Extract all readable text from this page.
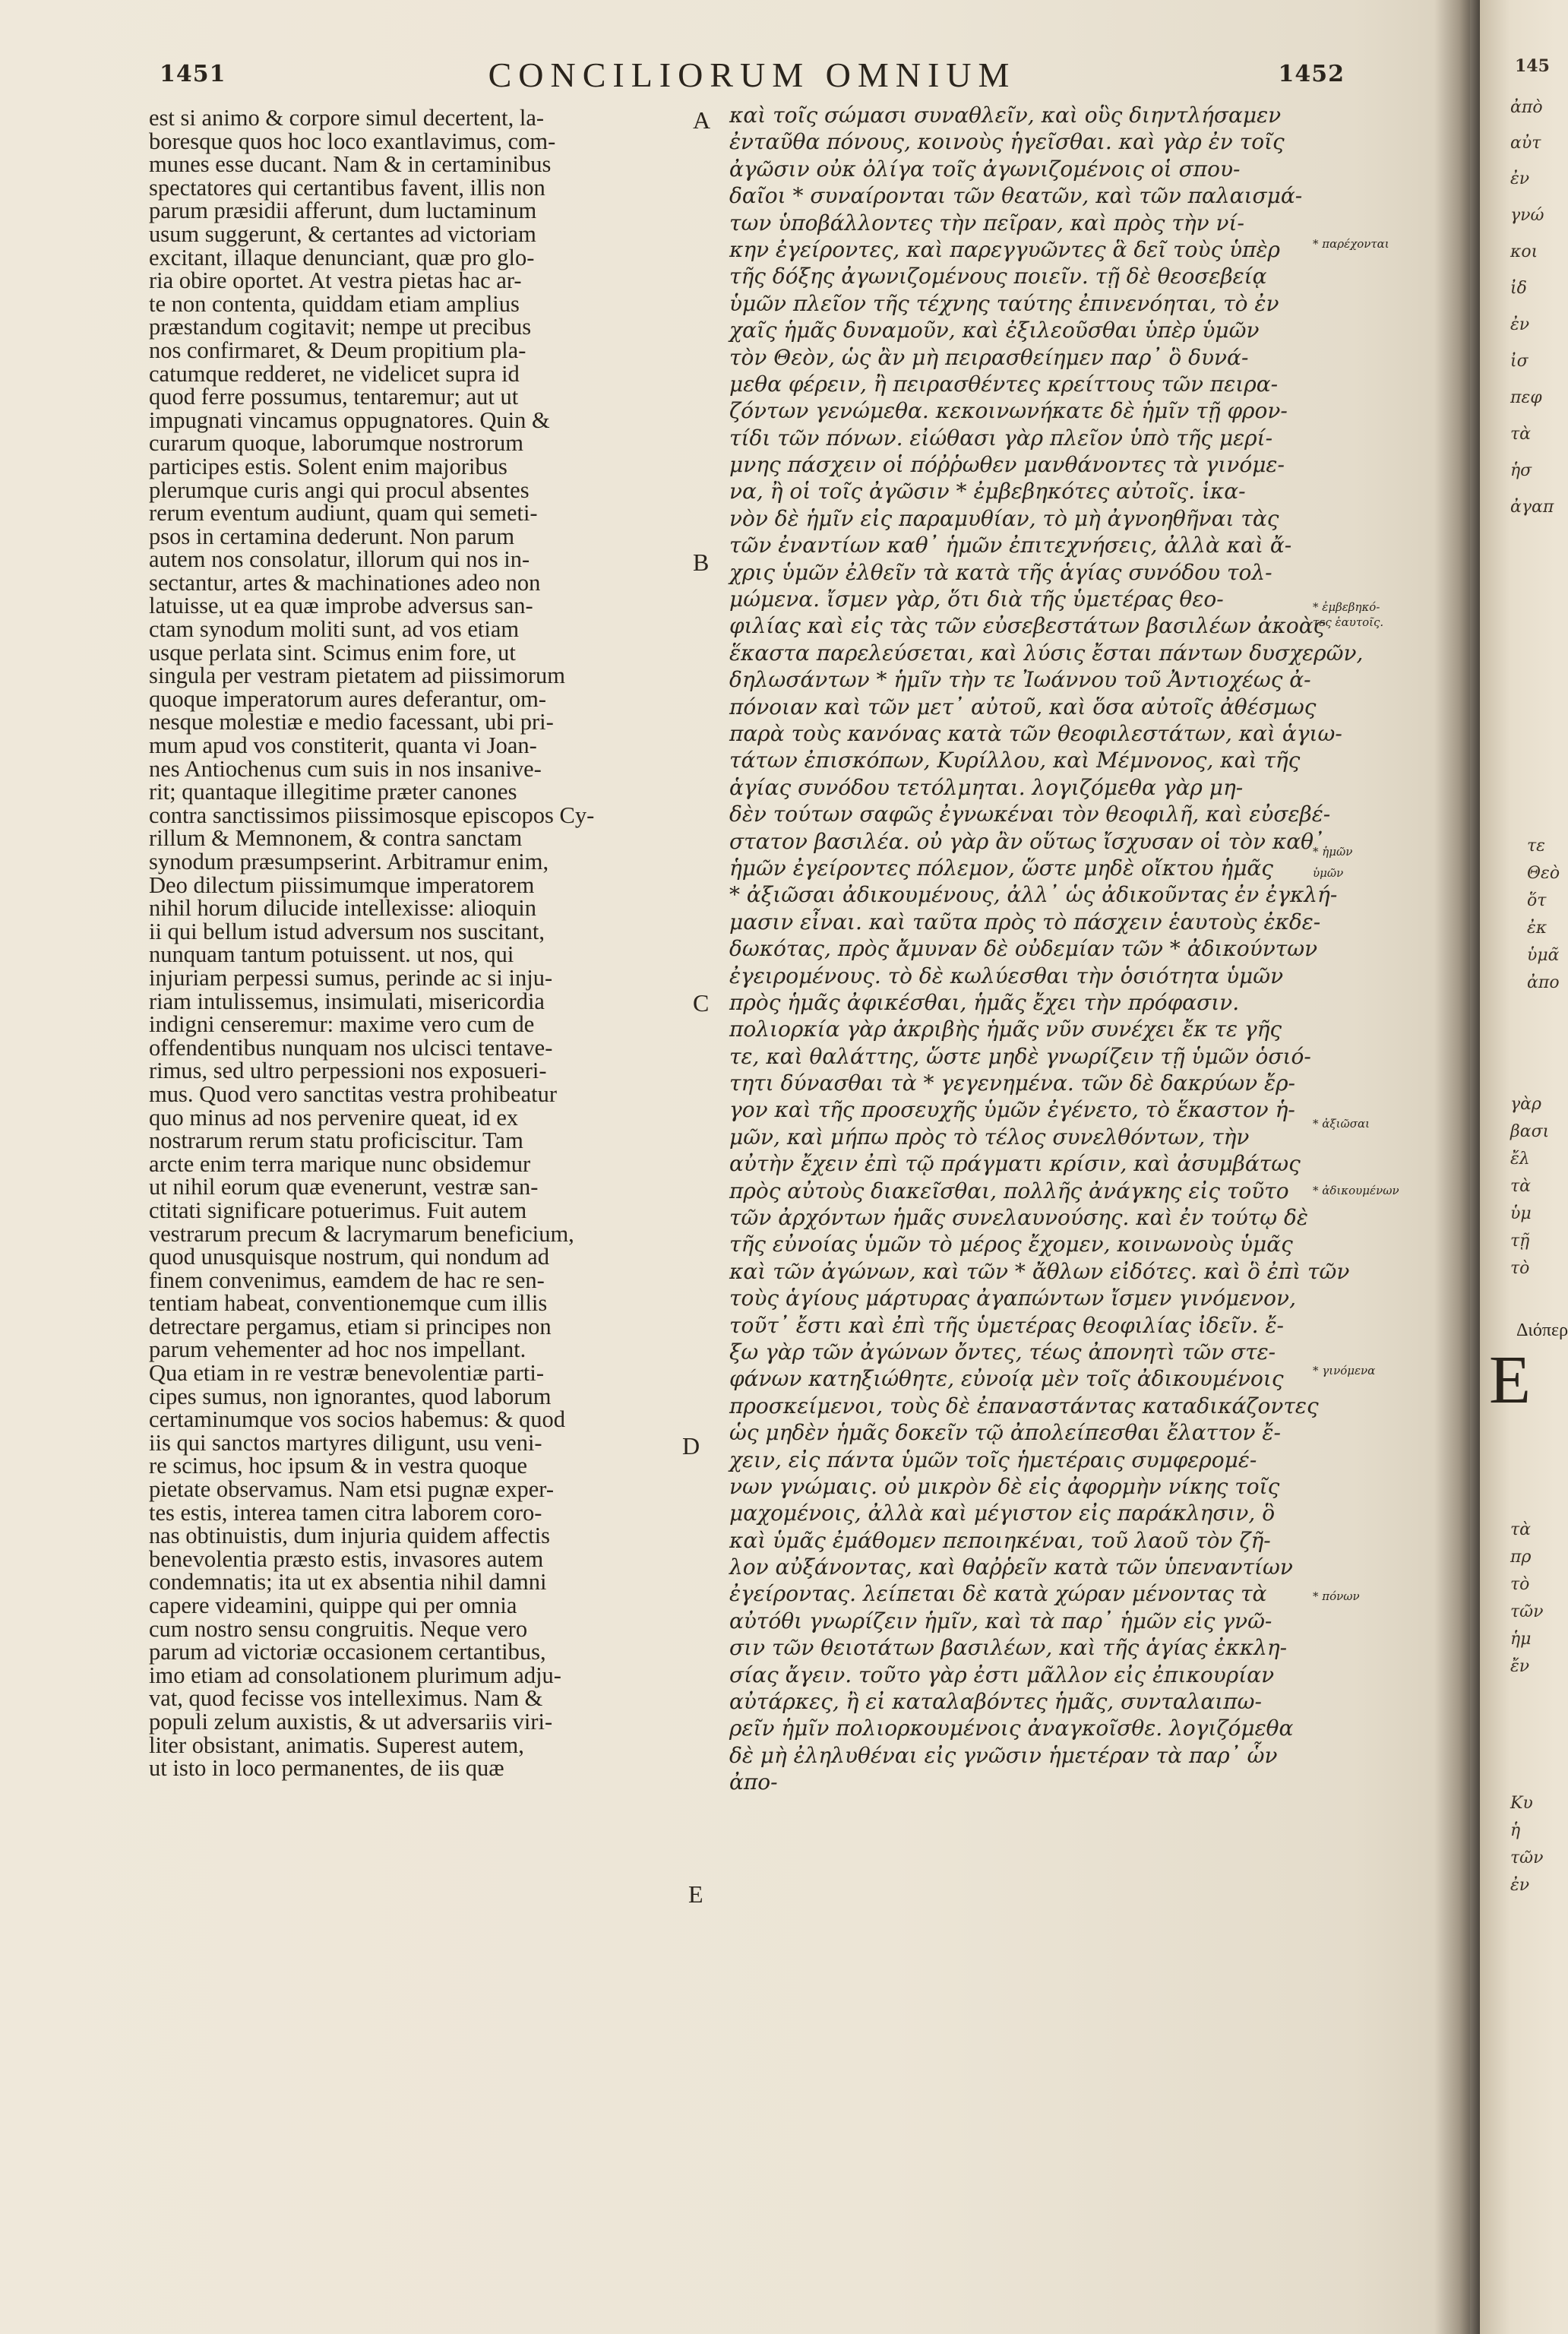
1451	CONCILIORUM OMNIUM	1452
est si animo & corpore simul decertent, la-
boresque quos hoc loco exantlavimus, com-
munes esse ducant. Nam & in certaminibus
spectatores qui certantibus favent, illis non
parum præsidii afferunt, dum luctaminum
usum suggerunt, & certantes ad victoriam
excitant, illaque denunciant, quæ pro glo-
ria obire oportet. At vestra pietas hac ar-
te non contenta, quiddam etiam amplius
præstandum cogitavit; nempe ut precibus
nos confirmaret, & Deum propitium pla-
catumque redderet, ne videlicet supra id
quod ferre possumus, tentaremur; aut ut
impugnati vincamus oppugnatores. Quin &
curarum quoque, laborumque nostrorum
participes estis. Solent enim majoribus
plerumque curis angi qui procul absentes
rerum eventum audiunt, quam qui semeti-
psos in certamina dederunt. Non parum
autem nos consolatur, illorum qui nos in-
sectantur, artes & machinationes adeo non
latuisse, ut ea quæ improbe adversus san-
ctam synodum moliti sunt, ad vos etiam
usque perlata sint. Scimus enim fore, ut
singula per vestram pietatem ad piissimorum
quoque imperatorum aures deferantur, om-
nesque molestiæ e medio facessant, ubi pri-
mum apud vos constiterit, quanta vi Joan-
nes Antiochenus cum suis in nos insanive-
rit; quantaque illegitime præter canones
contra sanctissimos piissimosque episcopos Cy-
rillum & Memnonem, & contra sanctam
synodum præsumpserint. Arbitramur enim,
Deo dilectum piissimumque imperatorem
nihil horum dilucide intellexisse: alioquin
ii qui bellum istud adversum nos suscitant,
nunquam tantum potuissent. ut nos, qui
injuriam perpessi sumus, perinde ac si inju-
riam intulissemus, insimulati, misericordia
indigni censeremur: maxime vero cum de
offendentibus nunquam nos ulcisci tentave-
rimus, sed ultro perpessioni nos exposueri-
mus. Quod vero sanctitas vestra prohibeatur
quo minus ad nos pervenire queat, id ex
nostrarum rerum statu proficiscitur. Tam
arcte enim terra marique nunc obsidemur
ut nihil eorum quæ evenerunt, vestræ san-
ctitati significare potuerimus. Fuit autem
vestrarum precum & lacrymarum beneficium,
quod unusquisque nostrum, qui nondum ad
finem convenimus, eamdem de hac re sen-
tentiam habeat, conventionemque cum illis
detrectare pergamus, etiam si principes non
parum vehementer ad hoc nos impellant.
Qua etiam in re vestræ benevolentiæ parti-
cipes sumus, non ignorantes, quod laborum
certaminumque vos socios habemus: & quod
iis qui sanctos martyres diligunt, usu veni-
re scimus, hoc ipsum & in vestra quoque
pietate observamus. Nam etsi pugnæ exper-
tes estis, interea tamen citra laborem coro-
nas obtinuistis, dum injuria quidem affectis
benevolentia præsto estis, invasores autem
condemnatis; ita ut ex absentia nihil damni
capere videamini, quippe qui per omnia
cum nostro sensu congruitis. Neque vero
parum ad victoriæ occasionem certantibus,
imo etiam ad consolationem plurimum adju-
vat, quod fecisse vos intelleximus. Nam &
populi zelum auxistis, & ut adversariis viri-
liter obsistant, animatis. Superest autem,
ut isto in loco permanentes, de iis quæ
A
B
C
D
E
καὶ τοῖς σώμασι συναθλεῖν, καὶ οὓς διηντλήσαμεν
ἐνταῦθα πόνους, κοινοὺς ἡγεῖσθαι. καὶ γὰρ ἐν τοῖς
ἀγῶσιν οὐκ ὀλίγα τοῖς ἀγωνιζομένοις οἱ σπου-
δαῖοι * συναίρονται τῶν θεατῶν, καὶ τῶν παλαισμά-
των ὑποβάλλοντες τὴν πεῖραν, καὶ πρὸς τὴν νί-
κην ἐγείροντες, καὶ παρεγγυῶντες ἃ δεῖ τοὺς ὑπὲρ
τῆς δόξης ἀγωνιζομένους ποιεῖν. τῇ δὲ θεοσεβείᾳ
ὑμῶν πλεῖον τῆς τέχνης ταύτης ἐπινενόηται, τὸ ἐν
χαῖς ἡμᾶς δυναμοῦν, καὶ ἐξιλεοῦσθαι ὑπὲρ ὑμῶν
τὸν Θεὸν, ὡς ἂν μὴ πειρασθείημεν παρ᾽ ὃ δυνά-
μεθα φέρειν, ἢ πειρασθέντες κρείττους τῶν πειρα-
ζόντων γενώμεθα. κεκοινωνήκατε δὲ ἡμῖν τῇ φρον-
τίδι τῶν πόνων. εἰώθασι γὰρ πλεῖον ὑπὸ τῆς μερί-
μνης πάσχειν οἱ πόῤῥωθεν μανθάνοντες τὰ γινόμε-
να, ἢ οἱ τοῖς ἀγῶσιν * ἐμβεβηκότες αὐτοῖς. ἱκα-
νὸν δὲ ἡμῖν εἰς παραμυθίαν, τὸ μὴ ἀγνοηθῆναι τὰς
τῶν ἐναντίων καθ᾽ ἡμῶν ἐπιτεχνήσεις, ἀλλὰ καὶ ἄ-
χρις ὑμῶν ἐλθεῖν τὰ κατὰ τῆς ἁγίας συνόδου τολ-
μώμενα. ἴσμεν γὰρ, ὅτι διὰ τῆς ὑμετέρας θεο-
φιλίας καὶ εἰς τὰς τῶν εὐσεβεστάτων βασιλέων ἀκοὰς
ἕκαστα παρελεύσεται, καὶ λύσις ἔσται πάντων δυσχερῶν,
δηλωσάντων * ἡμῖν τὴν τε Ἰωάννου τοῦ Ἀντιοχέως ἀ-
πόνοιαν καὶ τῶν μετ᾽ αὐτοῦ, καὶ ὅσα αὐτοῖς ἀθέσμως
παρὰ τοὺς κανόνας κατὰ τῶν θεοφιλεστάτων, καὶ ἁγιω-
τάτων ἐπισκόπων, Κυρίλλου, καὶ Μέμνονος, καὶ τῆς
ἁγίας συνόδου τετόλμηται. λογιζόμεθα γὰρ μη-
δὲν τούτων σαφῶς ἐγνωκέναι τὸν θεοφιλῆ, καὶ εὐσεβέ-
στατον βασιλέα. οὐ γὰρ ἂν οὕτως ἴσχυσαν οἱ τὸν καθ᾽
ἡμῶν ἐγείροντες πόλεμον, ὥστε μηδὲ οἴκτου ἡμᾶς
* ἀξιῶσαι ἀδικουμένους, ἀλλ᾽ ὡς ἀδικοῦντας ἐν ἐγκλή-
μασιν εἶναι. καὶ ταῦτα πρὸς τὸ πάσχειν ἑαυτοὺς ἐκδε-
δωκότας, πρὸς ἄμυναν δὲ οὐδεμίαν τῶν * ἀδικούντων
ἐγειρομένους. τὸ δὲ κωλύεσθαι τὴν ὁσιότητα ὑμῶν
πρὸς ἡμᾶς ἀφικέσθαι, ἡμᾶς ἔχει τὴν πρόφασιν.
πολιορκία γὰρ ἀκριβὴς ἡμᾶς νῦν συνέχει ἔκ τε γῆς
τε, καὶ θαλάττης, ὥστε μηδὲ γνωρίζειν τῇ ὑμῶν ὁσιό-
τητι δύνασθαι τὰ * γεγενημένα. τῶν δὲ δακρύων ἔρ-
γον καὶ τῆς προσευχῆς ὑμῶν ἐγένετο, τὸ ἕκαστον ἡ-
μῶν, καὶ μήπω πρὸς τὸ τέλος συνελθόντων, τὴν
αὐτὴν ἔχειν ἐπὶ τῷ πράγματι κρίσιν, καὶ ἀσυμβάτως
πρὸς αὐτοὺς διακεῖσθαι, πολλῆς ἀνάγκης εἰς τοῦτο
τῶν ἀρχόντων ἡμᾶς συνελαυνούσης. καὶ ἐν τούτῳ δὲ
τῆς εὐνοίας ὑμῶν τὸ μέρος ἔχομεν, κοινωνοὺς ὑμᾶς
καὶ τῶν ἀγώνων, καὶ τῶν * ἄθλων εἰδότες. καὶ ὃ ἐπὶ τῶν
τοὺς ἁγίους μάρτυρας ἀγαπώντων ἴσμεν γινόμενον,
τοῦτ᾽ ἔστι καὶ ἐπὶ τῆς ὑμετέρας θεοφιλίας ἰδεῖν. ἔ-
ξω γὰρ τῶν ἀγώνων ὄντες, τέως ἀπονητὶ τῶν στε-
φάνων κατηξιώθητε, εὐνοίᾳ μὲν τοῖς ἀδικουμένοις
προσκείμενοι, τοὺς δὲ ἐπαναστάντας καταδικάζοντες
ὡς μηδὲν ἡμᾶς δοκεῖν τῷ ἀπολείπεσθαι ἔλαττον ἔ-
χειν, εἰς πάντα ὑμῶν τοῖς ἡμετέραις συμφερομέ-
νων γνώμαις. οὐ μικρὸν δὲ εἰς ἀφορμὴν νίκης τοῖς
μαχομένοις, ἀλλὰ καὶ μέγιστον εἰς παράκλησιν, ὃ
καὶ ὑμᾶς ἐμάθομεν πεποιηκέναι, τοῦ λαοῦ τὸν ζῆ-
λον αὐξάνοντας, καὶ θαῤῥεῖν κατὰ τῶν ὑπεναντίων
ἐγείροντας. λείπεται δὲ κατὰ χώραν μένοντας τὰ
αὐτόθι γνωρίζειν ἡμῖν, καὶ τὰ παρ᾽ ἡμῶν εἰς γνῶ-
σιν τῶν θειοτάτων βασιλέων, καὶ τῆς ἁγίας ἐκκλη-
σίας ἄγειν. τοῦτο γὰρ ἐστι μᾶλλον εἰς ἐπικουρίαν
αὐτάρκες, ἢ εἰ καταλαβόντες ἡμᾶς, συνταλαιπω-
ρεῖν ἡμῖν πολιορκουμένοις ἀναγκοῖσθε. λογιζόμεθα
δὲ μὴ ἐληλυθέναι εἰς γνῶσιν ἡμετέραν τὰ παρ᾽ ὧν
ἀπο-
* παρέχονται
* ἐμβεβηκό-
τες ἑαυτοῖς.
* ἡμῶν
ὑμῶν
* ἀξιῶσαι
* ἀδικουμένων
* γινόμενα
* πόνων
145
Διόπερ
E
ἀπὸ
αὐτ
ἐν
γνώ
κοι
ἰδ
ἐν
ἰσ
πεφ
τὰ
ἡσ
ἀγαπ
τε
Θεὸ
ὅτ
ἐκ
ὑμᾶ
ἀπο
γὰρ
βασι
ἔλ
τὰ
ὑμ
τῇ
τὸ
τὰ
πρ
τὸ
τῶν
ἡμ
ἔν
Κυ
ἡ
τῶν
ἐν
